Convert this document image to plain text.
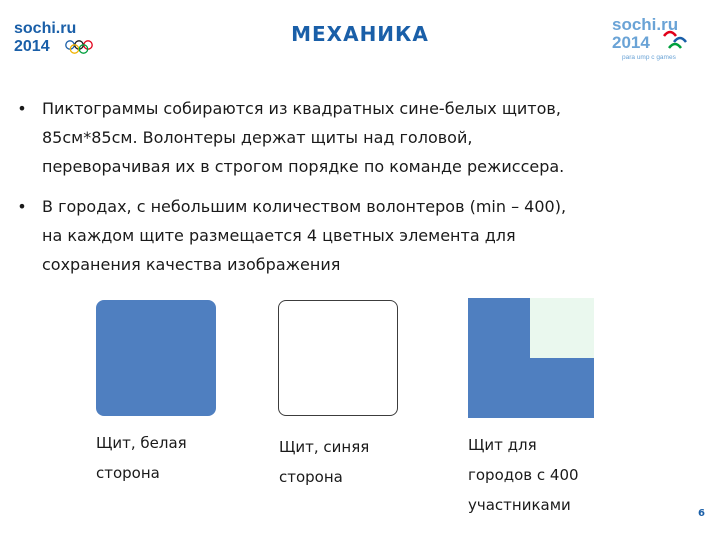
sochi.ru
2014
МЕХАНИКА	sochi.ru
2014
para ump c games
• Пиктограммы собираются из квадратных сине-белых щитов,
85см*85см. Волонтеры держат щиты над головой,
переворачивая их в строгом порядке по команде режиссера.
• В городах, с небольшим количеством волонтеров (min – 400),
на каждом щите размещается 4 цветных элемента для
сохранения качества изображения
Щит, белая
сторона
Щит, синяя
сторона
Щит для
городов с 400
участниками	6
